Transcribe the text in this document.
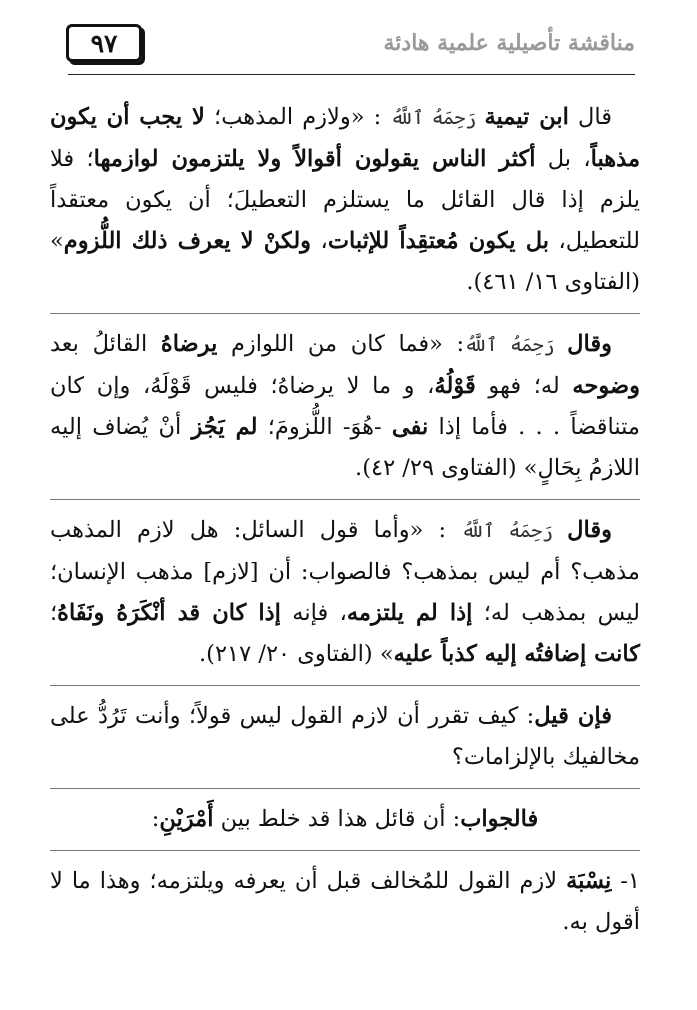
٩٧	مناقشة تأصيلية علمية هادئة

قال ابن تيمية رَحِمَهُ ٱللَّهُ : «ولازم المذهب؛ لا يجب أن يكون مذهباً، بل أكثر الناس يقولون أقوالاً ولا يلتزمون لوازمها؛ فلا يلزم إذا قال القائل ما يستلزم التعطيلَ؛ أن يكون معتقداً للتعطيل، بل يكون مُعتقِداً للإثبات، ولكنْ لا يعرف ذلك اللُّزوم» (الفتاوى ١٦/ ٤٦١).

وقال رَحِمَهُ ٱللَّهُ: «فما كان من اللوازم يرضاهُ القائلُ بعد وضوحه له؛ فهو قَوْلُهُ، و ما لا يرضاهُ؛ فليس قَوْلَهُ، وإن كان متناقضاً . . . فأما إذا نفى -هُوَ- اللُّزومَ؛ لم يَجُز أنْ يُضاف إليه اللازمُ بِحَالٍ» (الفتاوى ٢٩/ ٤٢).

وقال رَحِمَهُ ٱللَّهُ : «وأما قول السائل: هل لازم المذهب مذهب؟ أم ليس بمذهب؟ فالصواب: أن [لازم] مذهب الإنسان؛ ليس بمذهب له؛ إذا لم يلتزمه، فإنه إذا كان قد أنْكَرَهُ ونَفَاهُ؛ كانت إضافتُه إليه كذباً عليه» (الفتاوى ٢٠/ ٢١٧).

فإن قيل: كيف تقرر أن لازم القول ليس قولاً؛ وأنت تَرُدُّ على مخالفيك بالإلزامات؟

فالجواب: أن قائل هذا قد خلط بين أَمْرَيْنِ:

١- نِسْبَة لازم القول للمُخالف قبل أن يعرفه ويلتزمه؛ وهذا ما لا أقول به.
